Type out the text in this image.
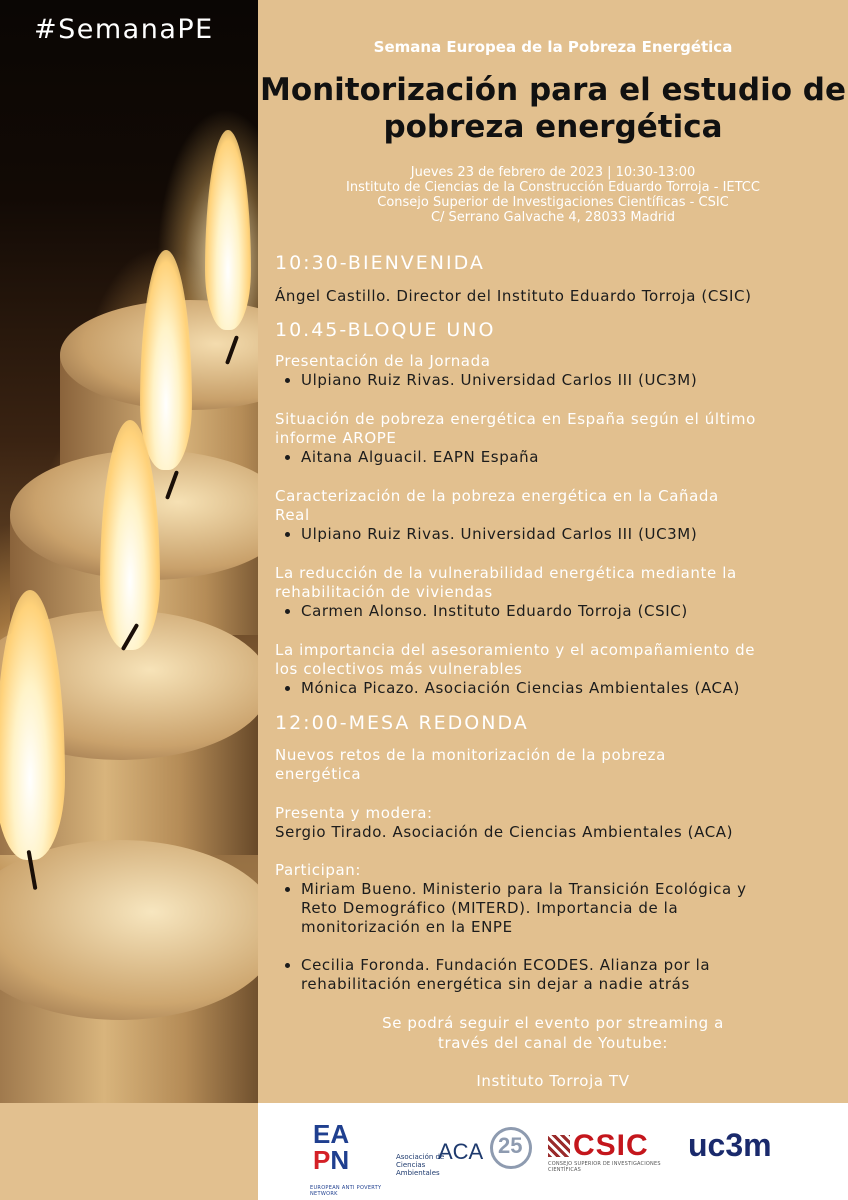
#SemanaPE
Semana Europea de la Pobreza Energética
Monitorización para el estudio de
pobreza energética
Jueves 23 de febrero de 2023 | 10:30-13:00
Instituto de Ciencias de la Construcción Eduardo Torroja - IETCC
Consejo Superior de Investigaciones Científicas - CSIC
C/ Serrano Galvache 4, 28033 Madrid
10:30-BIENVENIDA
Ángel Castillo. Director del Instituto Eduardo Torroja (CSIC)
10.45-BLOQUE UNO
Presentación de la Jornada
• Ulpiano Ruiz Rivas. Universidad Carlos III (UC3M)
Situación de pobreza energética en España según el último
informe AROPE
• Aitana Alguacil. EAPN España
Caracterización de la pobreza energética en la Cañada
Real
• Ulpiano Ruiz Rivas. Universidad Carlos III (UC3M)
La reducción de la vulnerabilidad energética mediante la
rehabilitación de viviendas
• Carmen Alonso. Instituto Eduardo Torroja (CSIC)
La importancia del asesoramiento y el acompañamiento de
los colectivos más vulnerables
• Mónica Picazo. Asociación Ciencias Ambientales (ACA)
12:00-MESA REDONDA
Nuevos retos de la monitorización de la pobreza
energética
Presenta y modera:
Sergio Tirado. Asociación de Ciencias Ambientales (ACA)
Participan:
• Miriam Bueno. Ministerio para la Transición Ecológica y
Reto Demográfico (MITERD). Importancia de la
monitorización en la ENPE
• Cecilia Foronda. Fundación ECODES. Alianza por la
rehabilitación energética sin dejar a nadie atrás
Se podrá seguir el evento por streaming a
través del canal de Youtube:
Instituto Torroja TV
EA
PN
EUROPEAN ANTI POVERTY NETWORK
Asociación de Ciencias Ambientales
ACA 25 CSIC
CONSEJO SUPERIOR DE INVESTIGACIONES CIENTÍFICAS
uc3m
